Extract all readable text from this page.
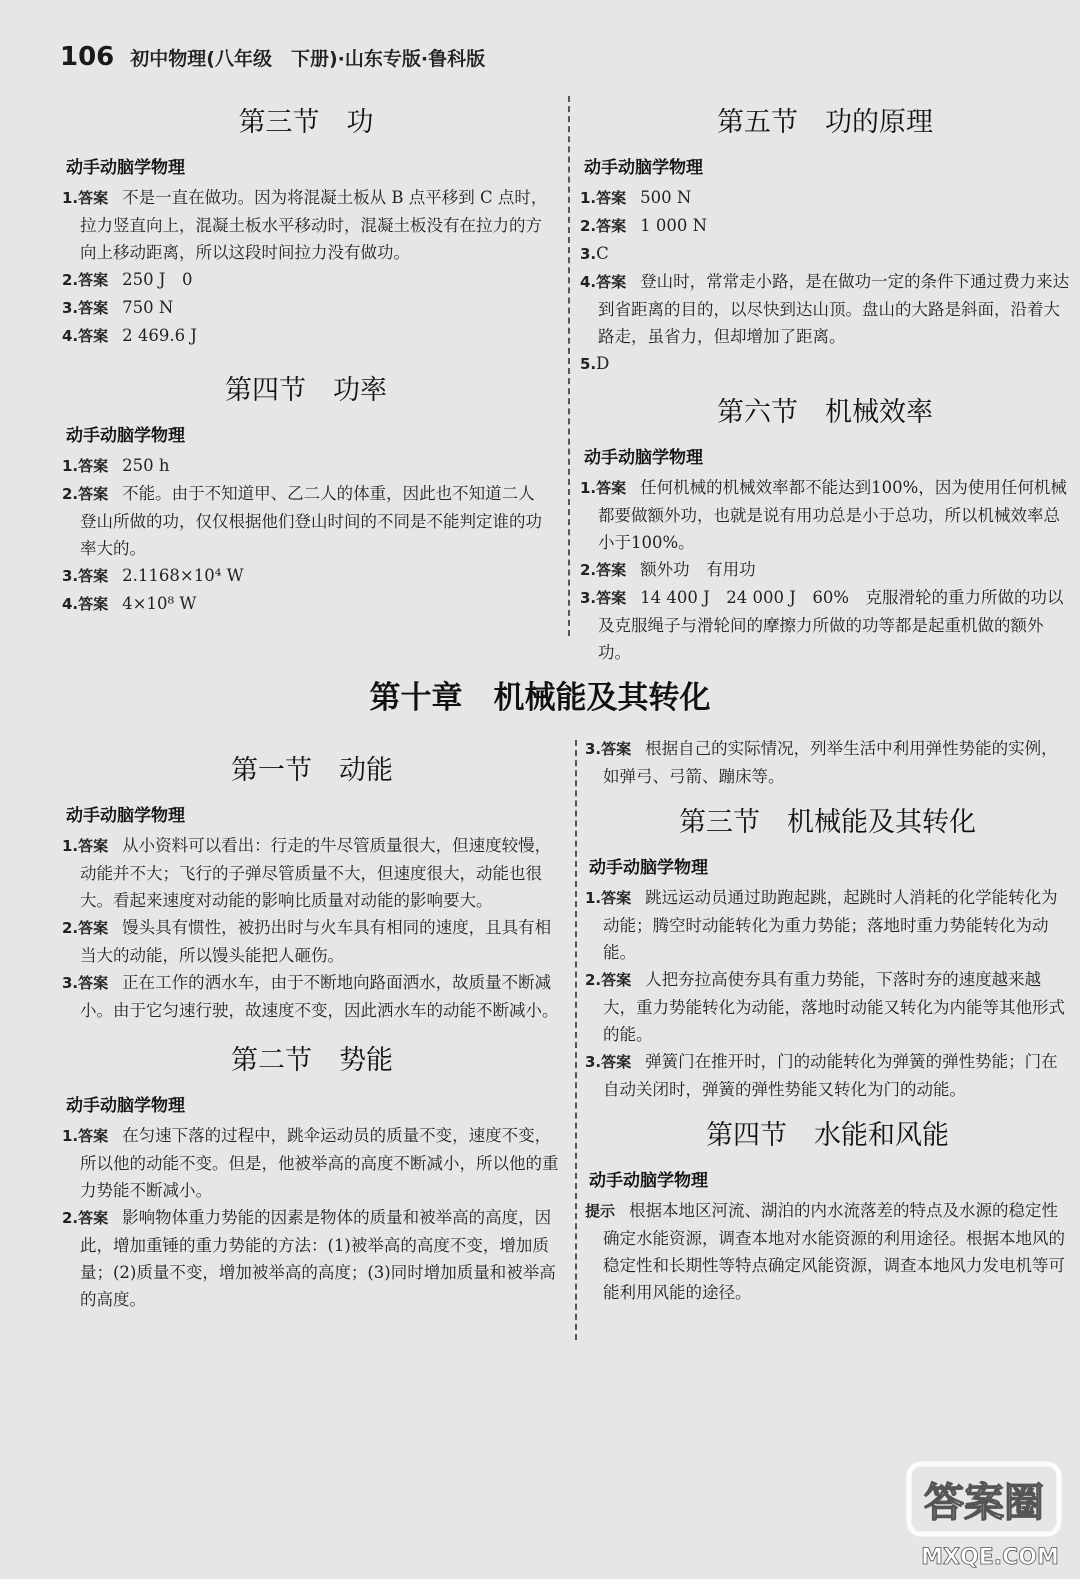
106 初中物理(八年级　下册)·山东专版·鲁科版
第三节　功
动手动脑学物理

1.答案 不是一直在做功。因为将混凝土板从 B 点平移到 C 点时，拉力竖直向上，混凝土板水平移动时，混凝土板没有在拉力的方向上移动距离，所以这段时间拉力没有做功。

2.答案 250 J　0

3.答案 750 N

4.答案 2 469.6 J

第四节　功率
动手动脑学物理

1.答案 250 h

2.答案 不能。由于不知道甲、乙二人的体重，因此也不知道二人登山所做的功，仅仅根据他们登山时间的不同是不能判定谁的功率大的。

3.答案 2.1168×10⁴ W

4.答案 4×10⁸ W

第五节　功的原理
动手动脑学物理

1.答案 500 N

2.答案 1 000 N

3.C

4.答案 登山时，常常走小路，是在做功一定的条件下通过费力来达到省距离的目的，以尽快到达山顶。盘山的大路是斜面，沿着大路走，虽省力，但却增加了距离。

5.D

第六节　机械效率
动手动脑学物理

1.答案 任何机械的机械效率都不能达到100%，因为使用任何机械都要做额外功，也就是说有用功总是小于总功，所以机械效率总小于100%。

2.答案 额外功　有用功

3.答案 14 400 J　24 000 J　60%　克服滑轮的重力所做的功以及克服绳子与滑轮间的摩擦力所做的功等都是起重机做的额外功。

第十章　机械能及其转化
第一节　动能
动手动脑学物理

1.答案 从小资料可以看出：行走的牛尽管质量很大，但速度较慢，动能并不大；飞行的子弹尽管质量不大，但速度很大，动能也很大。看起来速度对动能的影响比质量对动能的影响要大。

2.答案 馒头具有惯性，被扔出时与火车具有相同的速度，且具有相当大的动能，所以馒头能把人砸伤。

3.答案 正在工作的洒水车，由于不断地向路面洒水，故质量不断减小。由于它匀速行驶，故速度不变，因此洒水车的动能不断减小。

第二节　势能
动手动脑学物理

1.答案 在匀速下落的过程中，跳伞运动员的质量不变，速度不变，所以他的动能不变。但是，他被举高的高度不断减小，所以他的重力势能不断减小。

2.答案 影响物体重力势能的因素是物体的质量和被举高的高度，因此，增加重锤的重力势能的方法：(1)被举高的高度不变，增加质量；(2)质量不变，增加被举高的高度；(3)同时增加质量和被举高的高度。

3.答案 根据自己的实际情况，列举生活中利用弹性势能的实例，如弹弓、弓箭、蹦床等。

第三节　机械能及其转化
动手动脑学物理

1.答案 跳远运动员通过助跑起跳，起跳时人消耗的化学能转化为动能；腾空时动能转化为重力势能；落地时重力势能转化为动能。

2.答案 人把夯拉高使夯具有重力势能，下落时夯的速度越来越大，重力势能转化为动能，落地时动能又转化为内能等其他形式的能。

3.答案 弹簧门在推开时，门的动能转化为弹簧的弹性势能；门在自动关闭时，弹簧的弹性势能又转化为门的动能。

第四节　水能和风能
动手动脑学物理

提示 根据本地区河流、湖泊的内水流落差的特点及水源的稳定性确定水能资源，调查本地对水能资源的利用途径。根据本地风的稳定性和长期性等特点确定风能资源，调查本地风力发电机等可能利用风能的途径。

答案圈
MXQE.COM
